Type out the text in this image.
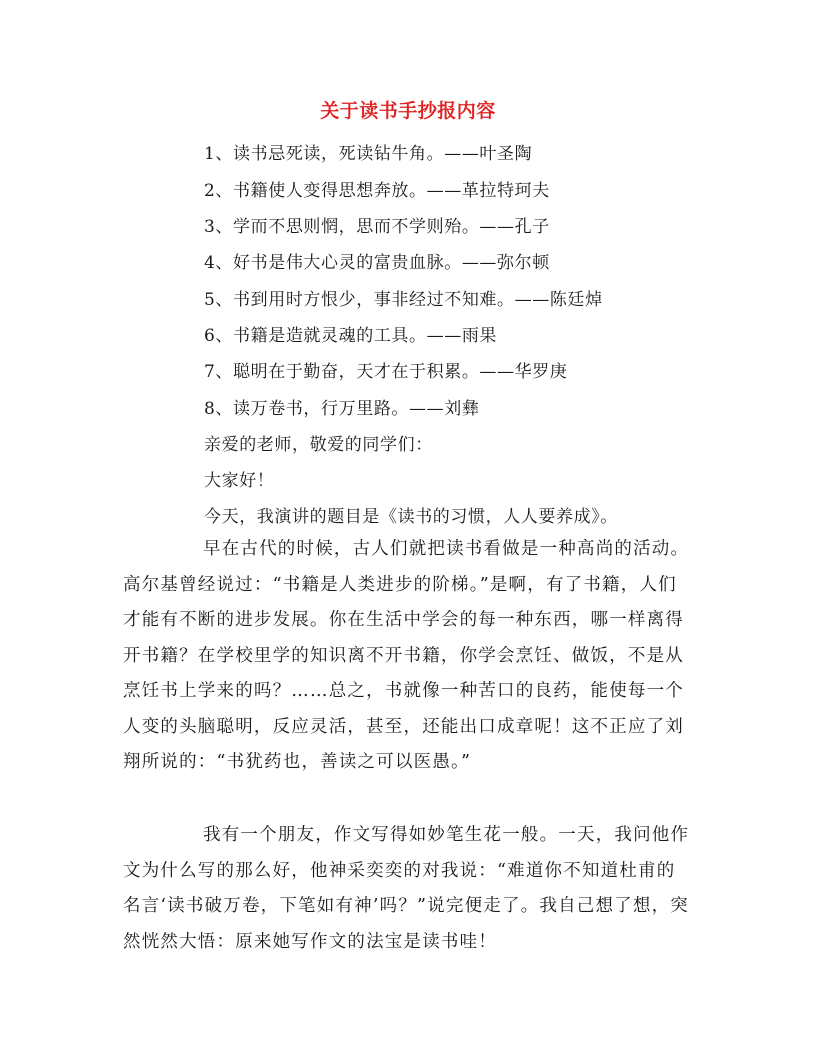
关于读书手抄报内容
1、读书忌死读，死读钻牛角。——叶圣陶
2、书籍使人变得思想奔放。——革拉特珂夫
3、学而不思则惘，思而不学则殆。——孔子
4、好书是伟大心灵的富贵血脉。——弥尔顿
5、书到用时方恨少，事非经过不知难。——陈廷焯
6、书籍是造就灵魂的工具。——雨果
7、聪明在于勤奋，天才在于积累。——华罗庚
8、读万卷书，行万里路。——刘彝
亲爱的老师，敬爱的同学们：
大家好！
今天，我演讲的题目是《读书的习惯，人人要养成》。

早在古代的时候，古人们就把读书看做是一种高尚的活动。高尔基曾经说过：“书籍是人类进步的阶梯。”是啊，有了书籍，人们才能有不断的进步发展。你在生活中学会的每一种东西，哪一样离得开书籍？在学校里学的知识离不开书籍，你学会烹饪、做饭，不是从烹饪书上学来的吗？……总之，书就像一种苦口的良药，能使每一个人变的头脑聪明，反应灵活，甚至，还能出口成章呢！这不正应了刘翔所说的：“书犹药也，善读之可以医愚。”

我有一个朋友，作文写得如妙笔生花一般。一天，我问他作文为什么写的那么好，他神采奕奕的对我说：“难道你不知道杜甫的名言‘读书破万卷，下笔如有神’吗？”说完便走了。我自己想了想，突然恍然大悟：原来她写作文的法宝是读书哇！
